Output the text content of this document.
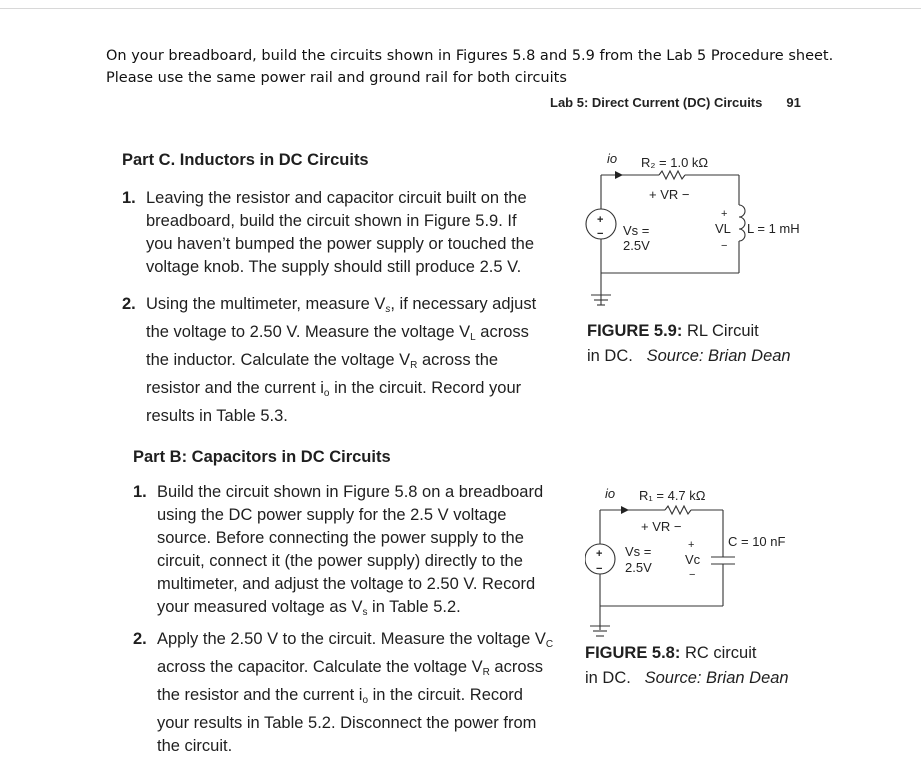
On your breadboard, build the circuits shown in Figures 5.8 and 5.9 from the Lab 5 Procedure sheet.
Please use the same power rail and ground rail for both circuits
Lab 5: Direct Current (DC) Circuits 91
Part C. Inductors in DC Circuits
1. Leaving the resistor and capacitor circuit built on the
breadboard, build the circuit shown in Figure 5.9. If
you haven’t bumped the power supply or touched the
voltage knob. The supply should still produce 2.5 V.
2. Using the multimeter, measure $V_s$, if necessary adjust
the voltage to 2.50 V. Measure the voltage $V_L$ across
the inductor. Calculate the voltage $V_R$ across the
resistor and the current $i_o$ in the circuit. Record your
results in Table 5.3.
Part B: Capacitors in DC Circuits
1. Build the circuit shown in Figure 5.8 on a breadboard
using the DC power supply for the 2.5 V voltage
source. Before connecting the power supply to the
circuit, connect it (the power supply) directly to the
multimeter, and adjust the voltage to 2.50 V. Record
your measured voltage as $V_s$ in Table 5.2.
2. Apply the 2.50 V to the circuit. Measure the voltage $V_C$
across the capacitor. Calculate the voltage $V_R$ across
the resistor and the current $i_o$ in the circuit. Record
your results in Table 5.2. Disconnect the power from
the circuit.
io R₂ = 1.0 kΩ
+ VR −
+
− Vs =
2.5V
+
VL
−
L = 1 mH
FIGURE 5.9: RL Circuit
in DC. Source: Brian Dean
io R₁ = 4.7 kΩ
+ VR −
+
−
Vs =
2.5V
+
Vc
−
C = 10 nF
FIGURE 5.8: RC circuit
in DC. Source: Brian Dean
